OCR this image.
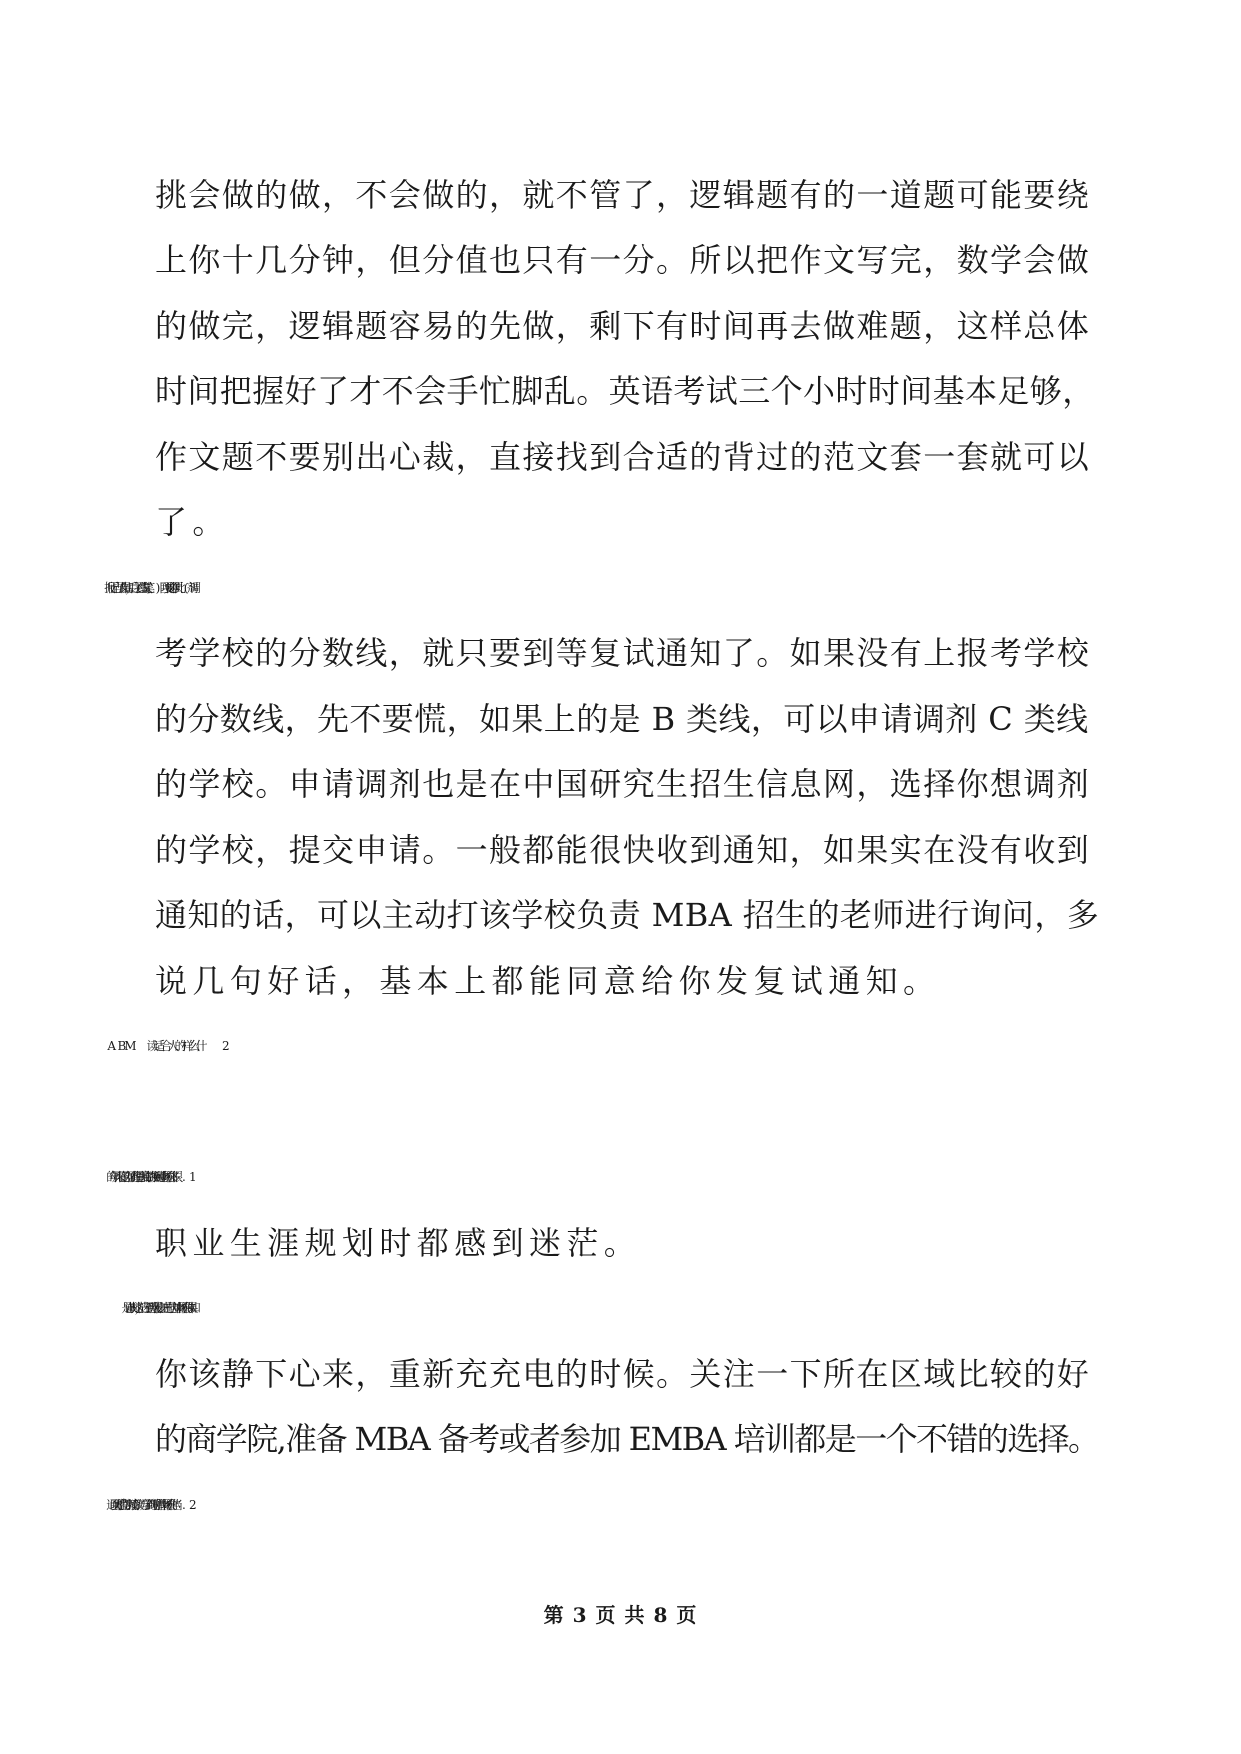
挑会做的做，不会做的，就不管了，逻辑题有的一道题可能要绕
上你十几分钟，但分值也只有一分。所以把作文写完，数学会做
的做完，逻辑题容易的先做，剩下有时间再去做难题，这样总体
时间把握好了才不会手忙脚乱。英语考试三个小时时间基本足够，
作文题不要别出心裁，直接找到合适的背过的范文套一套就可以
了。
考学校的分数线，就只要到等复试通知了。如果没有上报考学校
的分数线，先不要慌，如果上的是 B 类线，可以申请调剂 C 类线
的学校。申请调剂也是在中国研究生招生信息网，选择你想调剂
的学校，提交申请。一般都能很快收到通知，如果实在没有收到
通知的话，可以主动打该学校负责 MBA 招生的老师进行询问，多
说几句好话，基本上都能同意给你发复试通知。
职业生涯规划时都感到迷茫。
你该静下心来，重新充充电的时候。关注一下所在区域比较的好
的商学院,准备 MBA 备考或者参加 EMBA 培训都是一个不错的选择。
第 3 页 共 8 页
